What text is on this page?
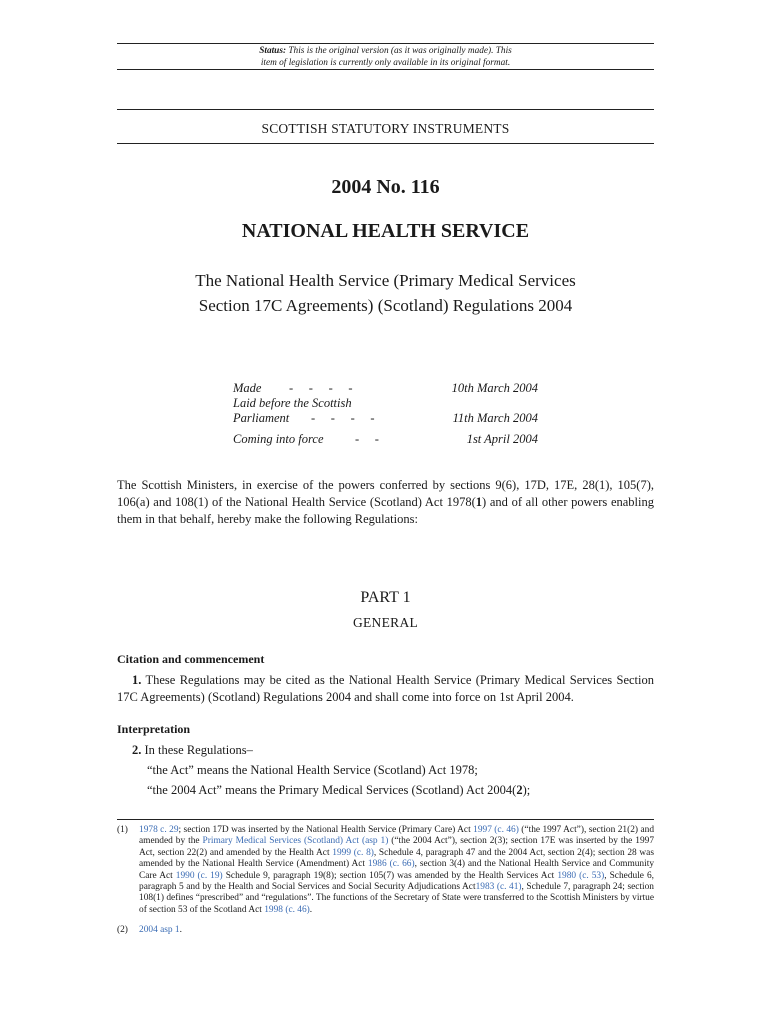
Status: This is the original version (as it was originally made). This
item of legislation is currently only available in its original format.
SCOTTISH STATUTORY INSTRUMENTS
2004 No. 116
NATIONAL HEALTH SERVICE
The National Health Service (Primary Medical Services
Section 17C Agreements) (Scotland) Regulations 2004
Made -     -     -     -	10th March 2004
Laid before the Scottish
Parliament -     -     -     -	11th March 2004
Coming into force	-     -	1st April 2004
The Scottish Ministers, in exercise of the powers conferred by sections 9(6), 17D, 17E, 28(1), 105(7), 106(a) and 108(1) of the National Health Service (Scotland) Act 1978(1) and of all other powers enabling them in that behalf, hereby make the following Regulations:
PART 1
GENERAL
Citation and commencement
1. These Regulations may be cited as the National Health Service (Primary Medical Services Section 17C Agreements) (Scotland) Regulations 2004 and shall come into force on 1st April 2004.
Interpretation
2. In these Regulations–
“the Act” means the National Health Service (Scotland) Act 1978;
“the 2004 Act” means the Primary Medical Services (Scotland) Act 2004(2);
(1) 1978 c. 29; section 17D was inserted by the National Health Service (Primary Care) Act 1997 (c. 46) (“the 1997 Act”), section 21(2) and amended by the Primary Medical Services (Scotland) Act (asp 1) (“the 2004 Act”), section 2(3); section 17E was inserted by the 1997 Act, section 22(2) and amended by the Health Act 1999 (c. 8), Schedule 4, paragraph 47 and the 2004 Act, section 2(4); section 28 was amended by the National Health Service (Amendment) Act 1986 (c. 66), section 3(4) and the National Health Service and Community Care Act 1990 (c. 19) Schedule 9, paragraph 19(8); section 105(7) was amended by the Health Services Act 1980 (c. 53), Schedule 6, paragraph 5 and by the Health and Social Services and Social Security Adjudications Act1983 (c. 41), Schedule 7, paragraph 24; section 108(1) defines “prescribed” and “regulations”. The functions of the Secretary of State were transferred to the Scottish Ministers by virtue of section 53 of the Scotland Act 1998 (c. 46).
(2) 2004 asp 1.
